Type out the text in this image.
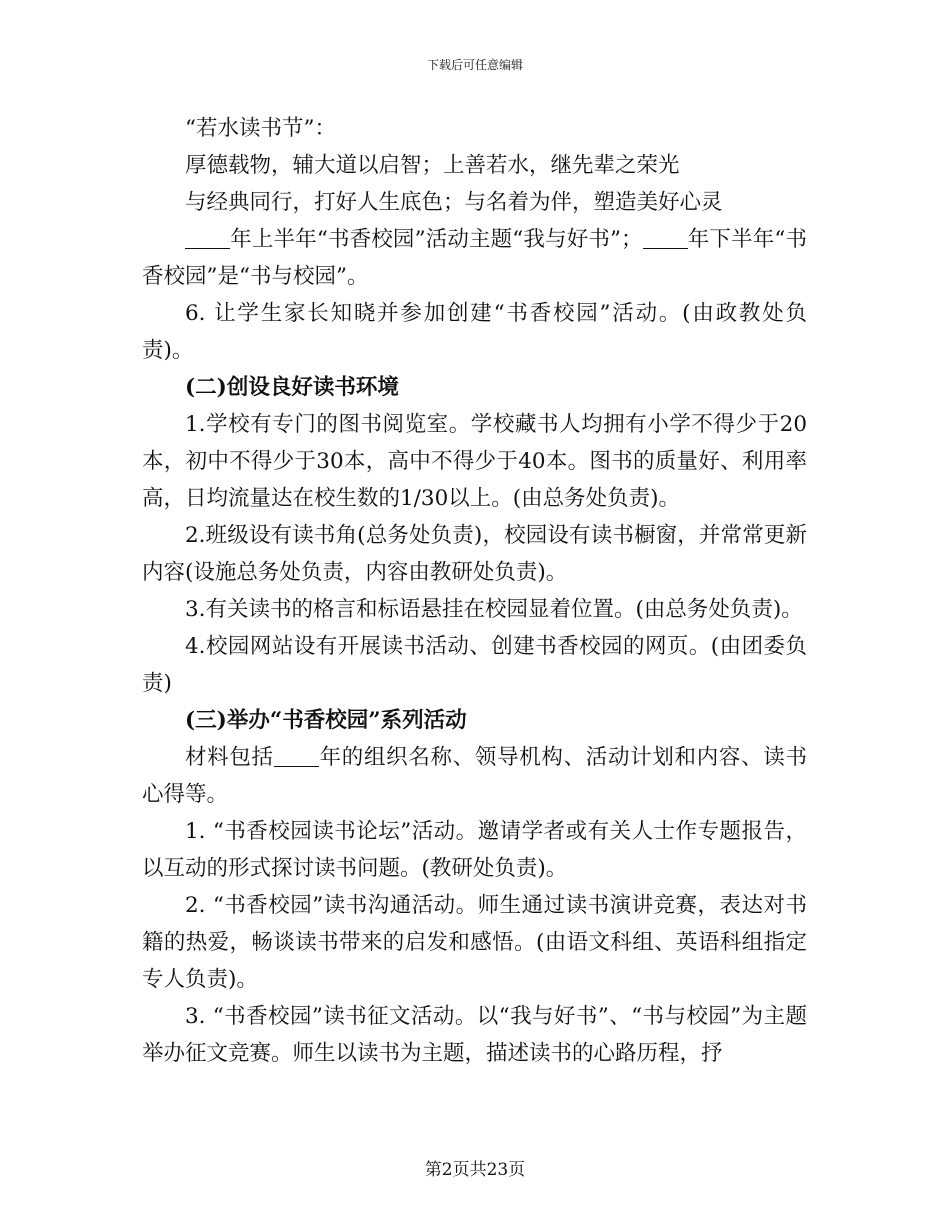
下载后可任意编辑

“若水读书节”：

厚德载物，辅大道以启智；上善若水，继先辈之荣光

与经典同行，打好人生底色；与名着为伴，塑造美好心灵

年上半年“书香校园”活动主题“我与好书”； 年下半年“书香校园”是“书与校园”。

6. 让学生家长知晓并参加创建“书香校园”活动。(由政教处负责)。

(二)创设良好读书环境

1.学校有专门的图书阅览室。学校藏书人均拥有小学不得少于20本，初中不得少于30本，高中不得少于40本。图书的质量好、利用率高，日均流量达在校生数的1/30以上。(由总务处负责)。

2.班级设有读书角(总务处负责)，校园设有读书橱窗，并常常更新内容(设施总务处负责，内容由教研处负责)。

3.有关读书的格言和标语悬挂在校园显着位置。(由总务处负责)。

4.校园网站设有开展读书活动、创建书香校园的网页。(由团委负责)

(三)举办“书香校园”系列活动

材料包括 年的组织名称、领导机构、活动计划和内容、读书心得等。

1. “书香校园读书论坛”活动。邀请学者或有关人士作专题报告，以互动的形式探讨读书问题。(教研处负责)。

2. “书香校园”读书沟通活动。师生通过读书演讲竞赛，表达对书籍的热爱，畅谈读书带来的启发和感悟。(由语文科组、英语科组指定专人负责)。

3. “书香校园”读书征文活动。以“我与好书”、“书与校园”为主题举办征文竞赛。师生以读书为主题，描述读书的心路历程，抒

第2页共23页
